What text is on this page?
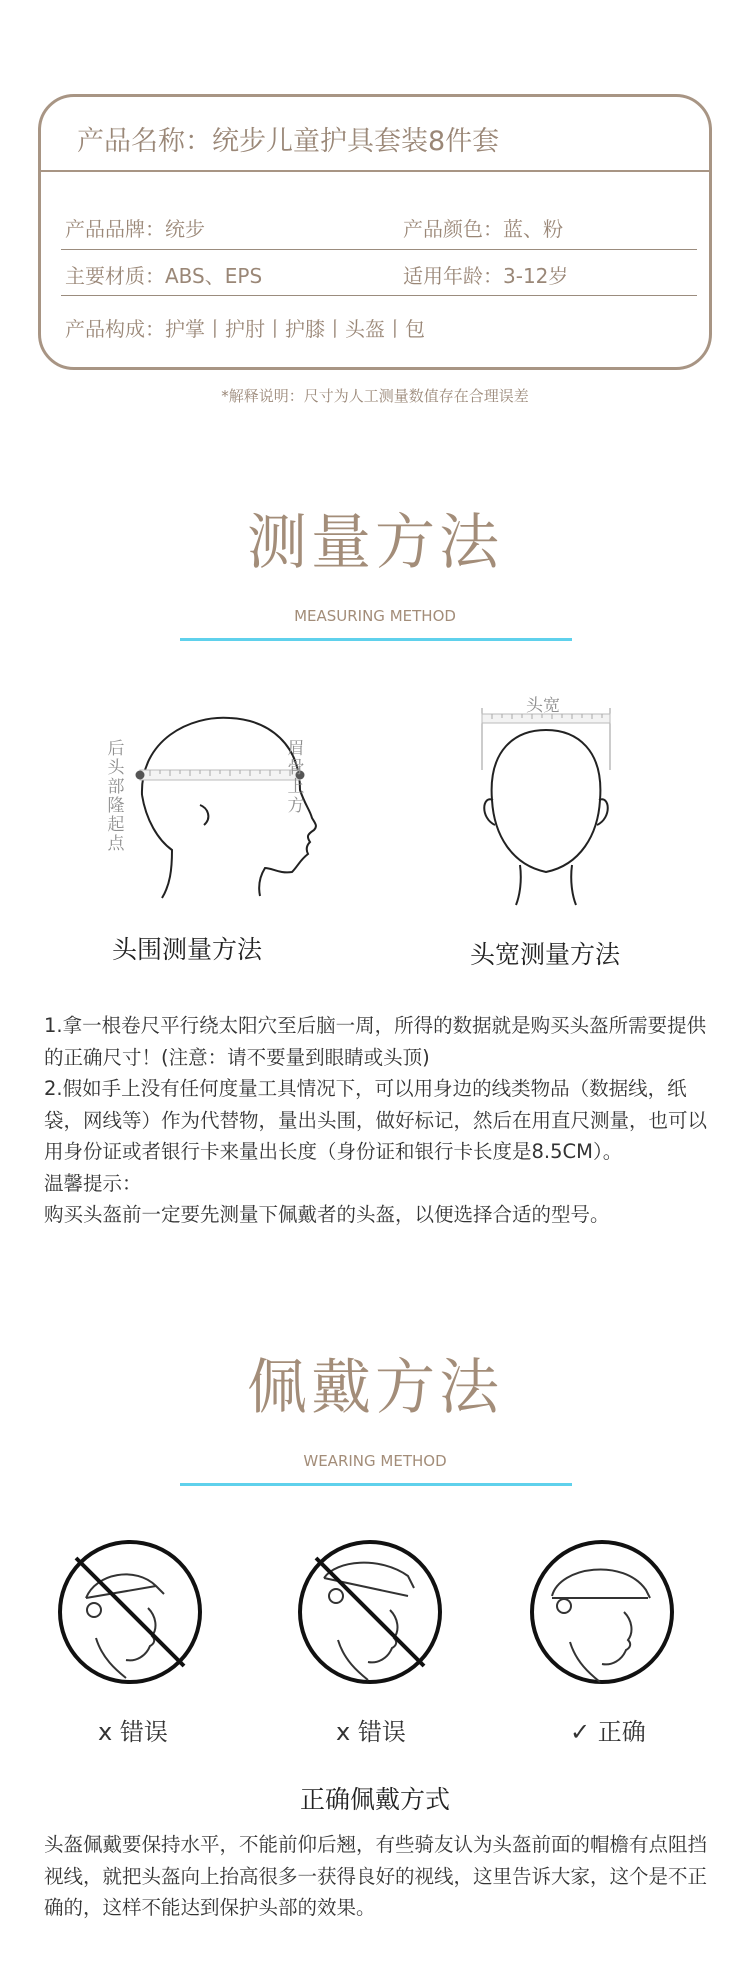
产品名称：统步儿童护具套装8件套
产品品牌：统步	产品颜色：蓝、粉
主要材质：ABS、EPS	适用年龄：3-12岁
产品构成：护掌丨护肘丨护膝丨头盔丨包
*解释说明：尺寸为人工测量数值存在合理误差
测量方法
MEASURING METHOD
后头部隆起点
眉骨上方
头宽
头围测量方法	头宽测量方法

1.拿一根卷尺平行绕太阳穴至后脑一周，所得的数据就是购买头盔所需要提供的正确尺寸！(注意：请不要量到眼睛或头顶)

2.假如手上没有任何度量工具情况下，可以用身边的线类物品（数据线，纸袋，网线等）作为代替物，量出头围，做好标记，然后在用直尺测量，也可以用身份证或者银行卡来量出长度（身份证和银行卡长度是8.5CM）。

温馨提示：

购买头盔前一定要先测量下佩戴者的头盔，以便选择合适的型号。

佩戴方法
WEARING METHOD
x 错误	x 错误	✓ 正确
正确佩戴方式

头盔佩戴要保持水平，不能前仰后翘，有些骑友认为头盔前面的帽檐有点阻挡视线，就把头盔向上抬高很多一获得良好的视线，这里告诉大家，这个是不正确的，这样不能达到保护头部的效果。
